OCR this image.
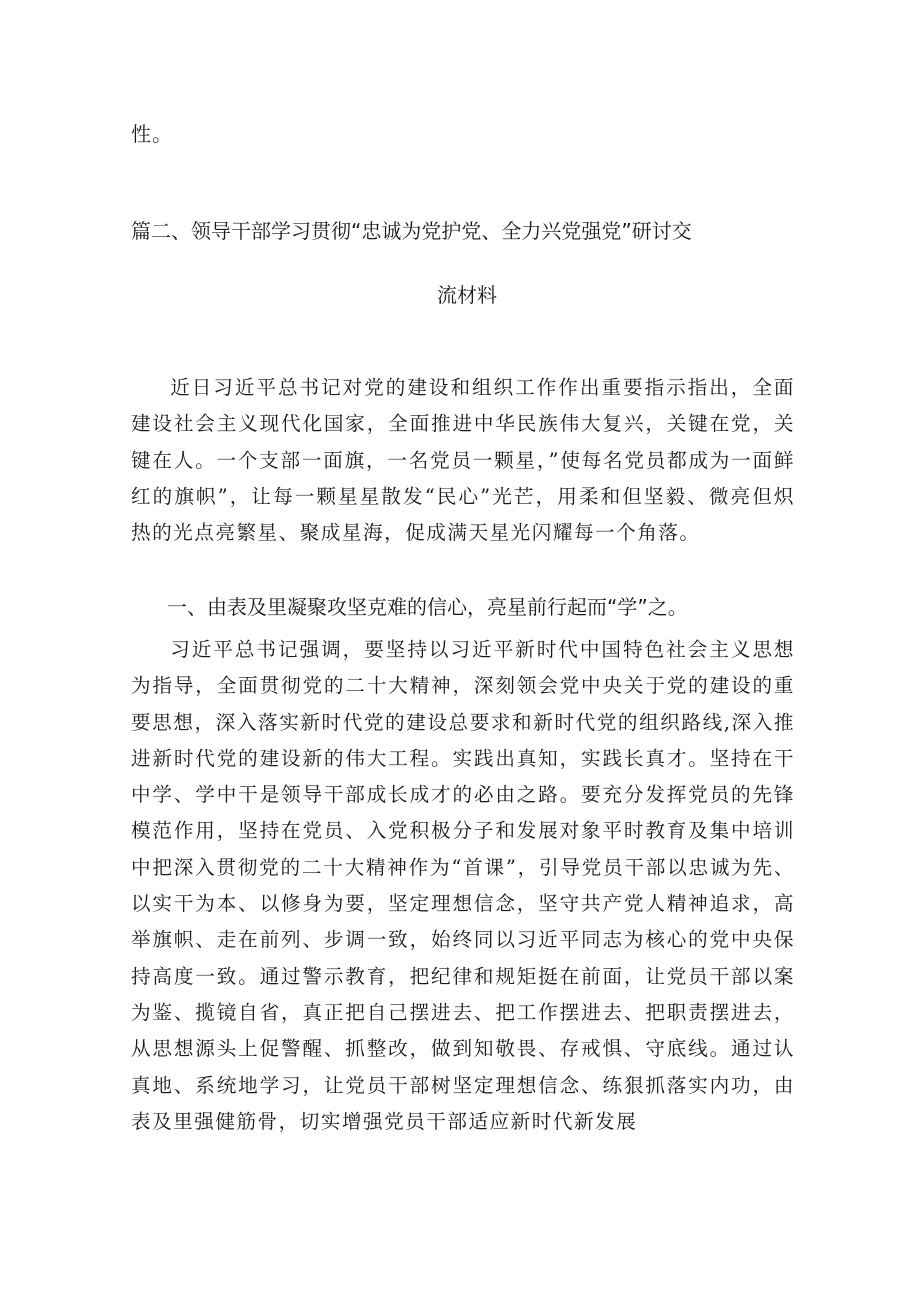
性。
篇二、领导干部学习贯彻“忠诚为党护党、全力兴党强党”研讨交
流材料

近日习近平总书记对党的建设和组织工作作出重要指示指出，全面建设社会主义现代化国家，全面推进中华民族伟大复兴，关键在党，关键在人。一个支部一面旗，一名党员一颗星，”使每名党员都成为一面鲜红的旗帜”，让每一颗星星散发“民心”光芒，用柔和但坚毅、微亮但炽热的光点亮繁星、聚成星海，促成满天星光闪耀每一个角落。

一、由表及里凝聚攻坚克难的信心，亮星前行起而“学”之。

习近平总书记强调，要坚持以习近平新时代中国特色社会主义思想为指导，全面贯彻党的二十大精神，深刻领会党中央关于党的建设的重要思想，深入落实新时代党的建设总要求和新时代党的组织路线,深入推进新时代党的建设新的伟大工程。实践出真知，实践长真才。坚持在干中学、学中干是领导干部成长成才的必由之路。要充分发挥党员的先锋模范作用，坚持在党员、入党积极分子和发展对象平时教育及集中培训中把深入贯彻党的二十大精神作为“首课”，引导党员干部以忠诚为先、以实干为本、以修身为要，坚定理想信念，坚守共产党人精神追求，高举旗帜、走在前列、步调一致，始终同以习近平同志为核心的党中央保持高度一致。通过警示教育，把纪律和规矩挺在前面，让党员干部以案为鉴、揽镜自省，真正把自己摆进去、把工作摆进去、把职责摆进去，从思想源头上促警醒、抓整改，做到知敬畏、存戒惧、守底线。通过认真地、系统地学习，让党员干部树坚定理想信念、练狠抓落实内功，由表及里强健筋骨，切实增强党员干部适应新时代新发展
